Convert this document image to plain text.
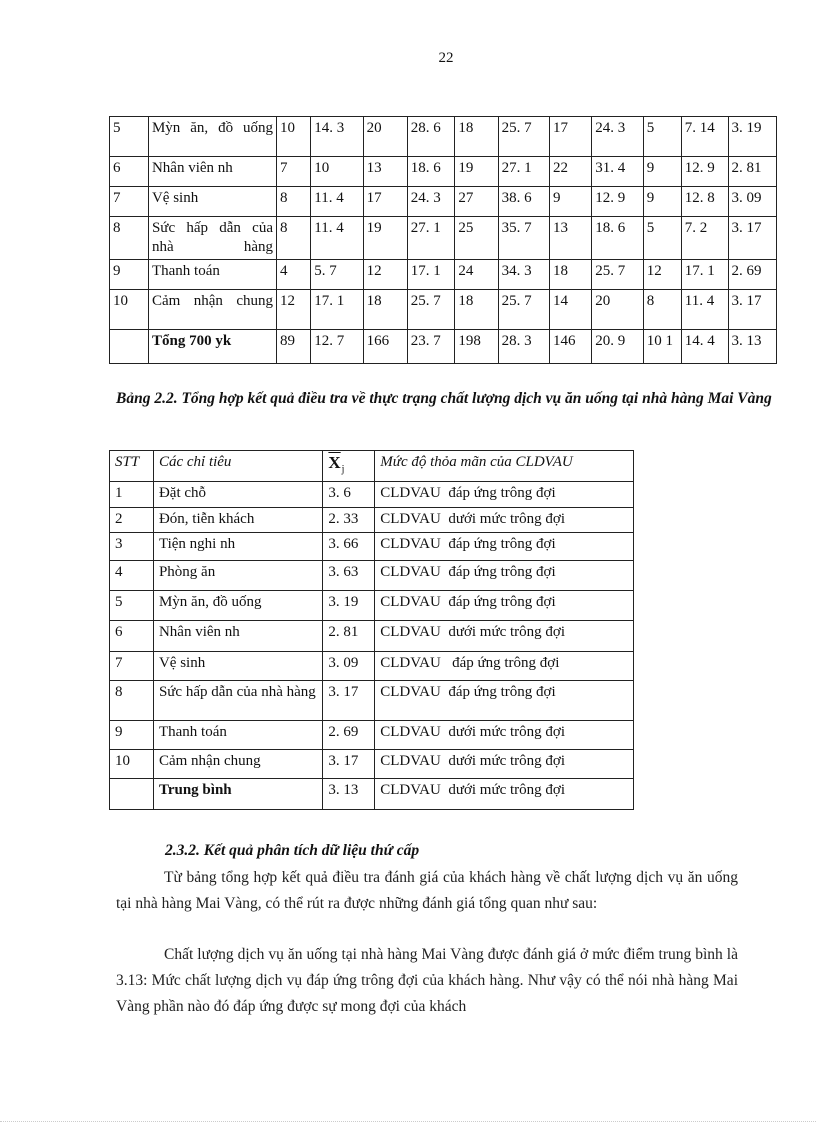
22
5	Mỳn ăn, đồ uống	10	14. 3	20	28. 6	18	25. 7	17	24. 3	5	7. 14	3. 19
6	Nhân viên nh	7	10	13	18. 6	19	27. 1	22	31. 4	9	12. 9	2. 81
7	Vệ sinh	8	11. 4	17	24. 3	27	38. 6	9	12. 9	9	12. 8	3. 09
8	Sức hấp dẫn của nhà hàng	8	11. 4	19	27. 1	25	35. 7	13	18. 6	5	7. 2	3. 17
9	Thanh toán	4	5. 7	12	17. 1	24	34. 3	18	25. 7	12	17. 1	2. 69
10	Cảm nhận chung	12	17. 1	18	25. 7	18	25. 7	14	20	8	11. 4	3. 17
	Tổng 700 yk	89	12. 7	166	23. 7	198	28. 3	146	20. 9	10 1	14. 4	3. 13
Bảng 2.2. Tổng hợp kết quả điều tra về thực trạng chất lượng dịch vụ ăn uống tại nhà hàng Mai Vàng
STT	Các chỉ tiêu	$\overline{X}_j$	Mức độ thỏa mãn của CLDVAU
1	Đặt chỗ	3. 6	CLDVAU  đáp ứng trông đợi
2	Đón, tiễn khách	2. 33	CLDVAU  dưới mức trông đợi
3	Tiện nghi nh	3. 66	CLDVAU  đáp ứng trông đợi
4	Phòng ăn	3. 63	CLDVAU  đáp ứng trông đợi
5	Mỳn ăn, đồ uống	3. 19	CLDVAU  đáp ứng trông đợi
6	Nhân viên nh	2. 81	CLDVAU  dưới mức trông đợi
7	Vệ sinh	3. 09	CLDVAU   đáp ứng trông đợi
8	Sức hấp dẫn của nhà hàng	3. 17	CLDVAU  đáp ứng trông đợi
9	Thanh toán	2. 69	CLDVAU  dưới mức trông đợi
10	Cảm nhận chung	3. 17	CLDVAU  dưới mức trông đợi
	Trung bình	3. 13	CLDVAU  dưới mức trông đợi
2.3.2. Kết quả phân tích dữ liệu thứ cấp
Từ bảng tổng hợp kết quả điều tra đánh giá của khách hàng về chất lượng dịch vụ ăn uống tại nhà hàng Mai Vàng, có thể rút ra được những đánh giá tổng quan như sau:
Chất lượng dịch vụ ăn uống tại nhà hàng Mai Vàng được đánh giá ở mức điểm trung bình là 3.13: Mức chất lượng dịch vụ đáp ứng trông đợi của khách hàng. Như vậy có thể nói nhà hàng Mai Vàng phần nào đó đáp ứng được sự mong đợi của khách
